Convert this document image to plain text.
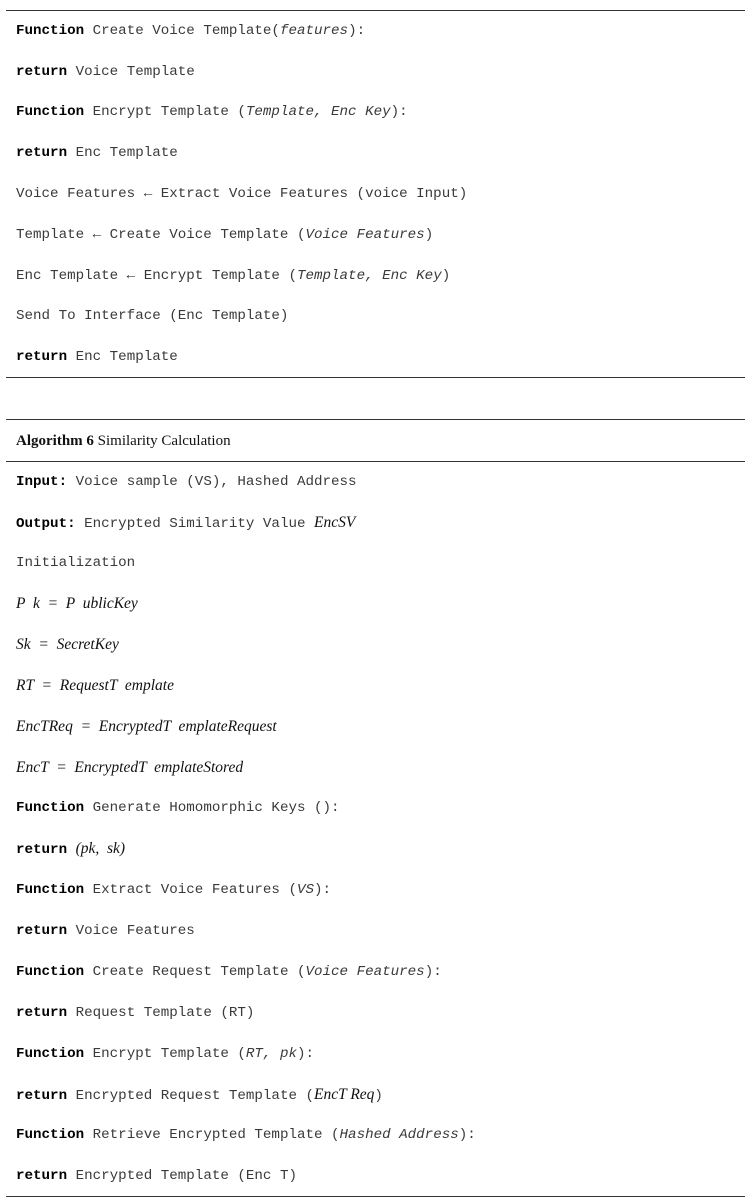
Function Create Voice Template(features):
return Voice Template
Function Encrypt Template (Template, Enc Key):
return Enc Template
Voice Features ← Extract Voice Features (voice Input)
Template ← Create Voice Template (Voice Features)
Enc Template ← Encrypt Template (Template, Enc Key)
Send To Interface (Enc Template)
return Enc Template
Algorithm 6 Similarity Calculation
Input: Voice sample (VS), Hashed Address
Output: Encrypted Similarity Value EncSV
Initialization
P  k  =  P  ublicKey
Sk  =  SecretKey
RT  =  RequestT  emplate
EncTReq  =  EncryptedT  emplateRequest
EncT  =  EncryptedT  emplateStored
Function Generate Homomorphic Keys ():
return (pk,  sk)
Function Extract Voice Features (VS):
return Voice Features
Function Create Request Template (Voice Features):
return Request Template (RT)
Function Encrypt Template (RT, pk):
return Encrypted Request Template (EncT Req)
Function Retrieve Encrypted Template (Hashed Address):
return Encrypted Template (Enc T)
